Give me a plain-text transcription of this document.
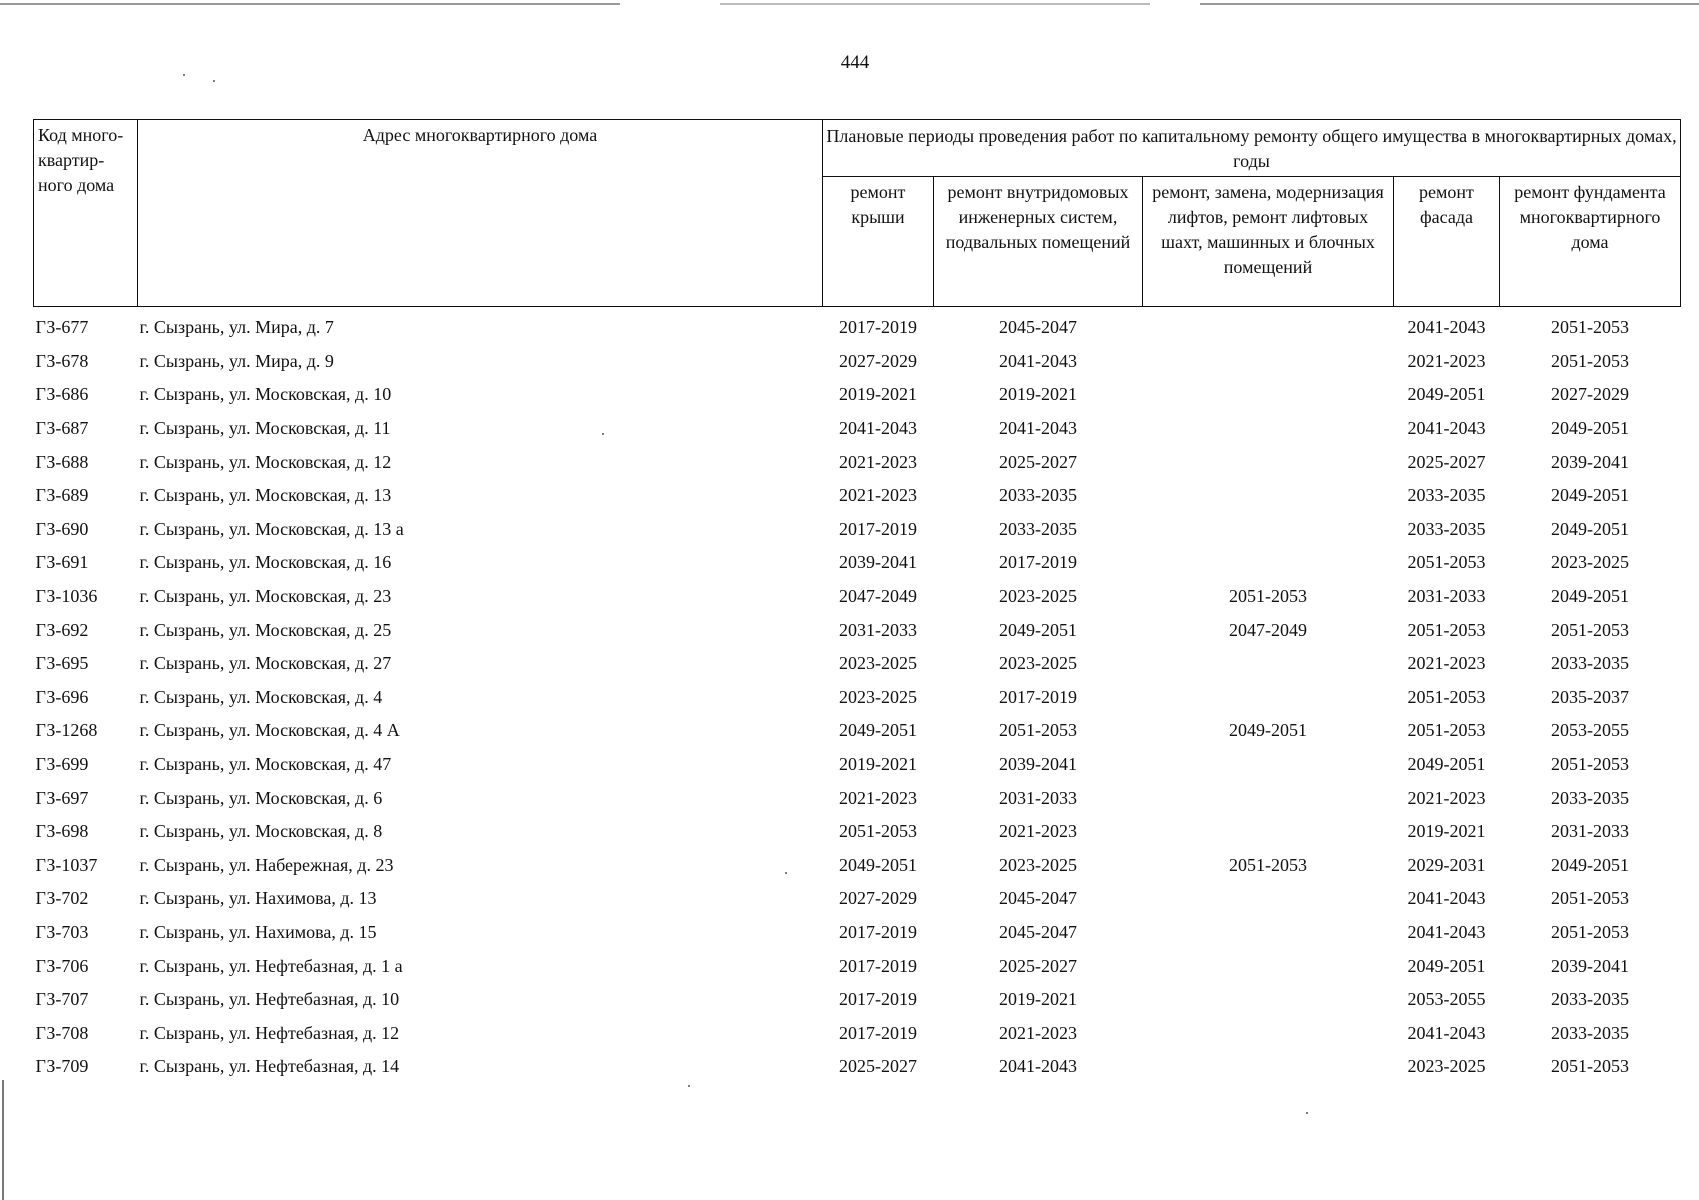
444
Код много-квартир-ного дома	Адрес многоквартирного дома	Плановые периоды проведения работ по капитальному ремонту общего имущества в многоквартирных домах, годы				
		ремонт крыши	ремонт внутридомовых инженерных систем, подвальных помещений	ремонт, замена, модернизация лифтов, ремонт лифтовых шахт, машинных и блочных помещений	ремонт фасада	ремонт фундамента многоквартирного дома
ГЗ-677	г. Сызрань, ул. Мира, д. 7	2017-2019	2045-2047		2041-2043	2051-2053
ГЗ-678	г. Сызрань, ул. Мира, д. 9	2027-2029	2041-2043		2021-2023	2051-2053
ГЗ-686	г. Сызрань, ул. Московская, д. 10	2019-2021	2019-2021		2049-2051	2027-2029
ГЗ-687	г. Сызрань, ул. Московская, д. 11	2041-2043	2041-2043		2041-2043	2049-2051
ГЗ-688	г. Сызрань, ул. Московская, д. 12	2021-2023	2025-2027		2025-2027	2039-2041
ГЗ-689	г. Сызрань, ул. Московская, д. 13	2021-2023	2033-2035		2033-2035	2049-2051
ГЗ-690	г. Сызрань, ул. Московская, д. 13 а	2017-2019	2033-2035		2033-2035	2049-2051
ГЗ-691	г. Сызрань, ул. Московская, д. 16	2039-2041	2017-2019		2051-2053	2023-2025
ГЗ-1036	г. Сызрань, ул. Московская, д. 23	2047-2049	2023-2025	2051-2053	2031-2033	2049-2051
ГЗ-692	г. Сызрань, ул. Московская, д. 25	2031-2033	2049-2051	2047-2049	2051-2053	2051-2053
ГЗ-695	г. Сызрань, ул. Московская, д. 27	2023-2025	2023-2025		2021-2023	2033-2035
ГЗ-696	г. Сызрань, ул. Московская, д. 4	2023-2025	2017-2019		2051-2053	2035-2037
ГЗ-1268	г. Сызрань, ул. Московская, д. 4 А	2049-2051	2051-2053	2049-2051	2051-2053	2053-2055
ГЗ-699	г. Сызрань, ул. Московская, д. 47	2019-2021	2039-2041		2049-2051	2051-2053
ГЗ-697	г. Сызрань, ул. Московская, д. 6	2021-2023	2031-2033		2021-2023	2033-2035
ГЗ-698	г. Сызрань, ул. Московская, д. 8	2051-2053	2021-2023		2019-2021	2031-2033
ГЗ-1037	г. Сызрань, ул. Набережная, д. 23	2049-2051	2023-2025	2051-2053	2029-2031	2049-2051
ГЗ-702	г. Сызрань, ул. Нахимова, д. 13	2027-2029	2045-2047		2041-2043	2051-2053
ГЗ-703	г. Сызрань, ул. Нахимова, д. 15	2017-2019	2045-2047		2041-2043	2051-2053
ГЗ-706	г. Сызрань, ул. Нефтебазная, д. 1 а	2017-2019	2025-2027		2049-2051	2039-2041
ГЗ-707	г. Сызрань, ул. Нефтебазная, д. 10	2017-2019	2019-2021		2053-2055	2033-2035
ГЗ-708	г. Сызрань, ул. Нефтебазная, д. 12	2017-2019	2021-2023		2041-2043	2033-2035
ГЗ-709	г. Сызрань, ул. Нефтебазная, д. 14	2025-2027	2041-2043		2023-2025	2051-2053
